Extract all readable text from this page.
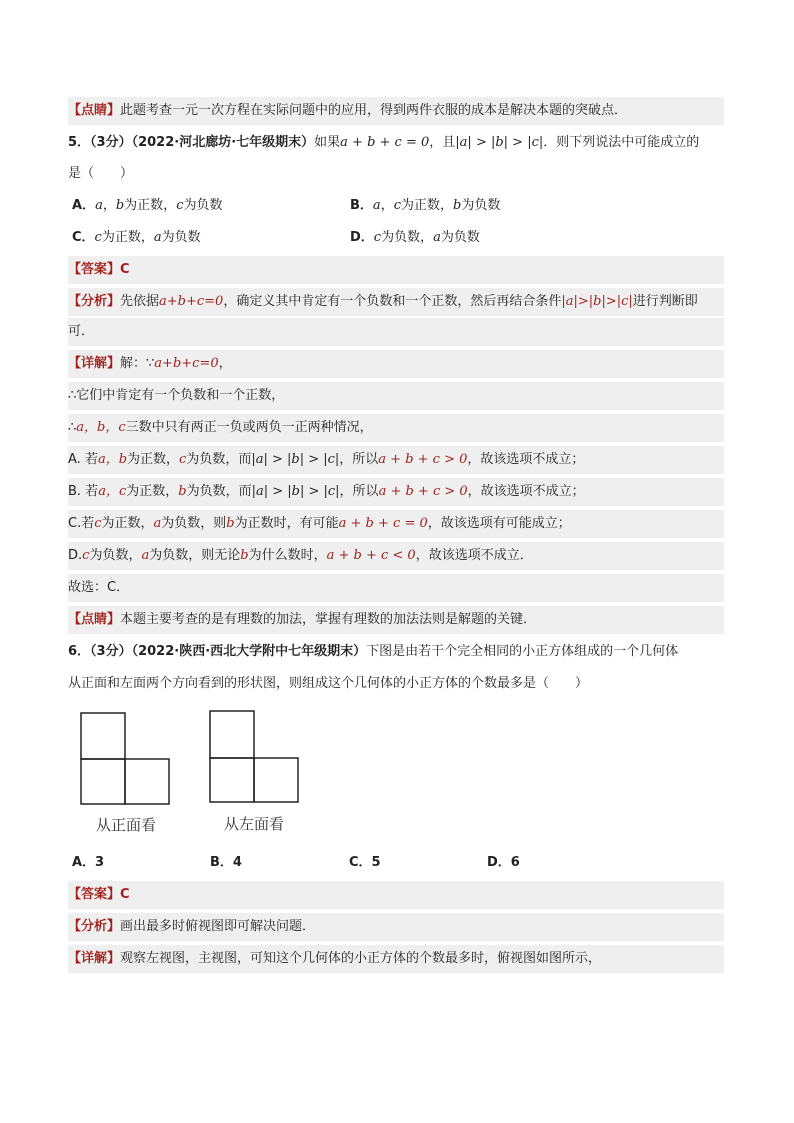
【点睛】此题考查一元一次方程在实际问题中的应用，得到两件衣服的成本是解决本题的突破点．
5．（3分）（2022·河北廊坊·七年级期末）如果a + b + c = 0，且|a| > |b| > |c|．则下列说法中可能成立的
是（　　）
A．a，b为正数，c为负数	B．a，c为正数，b为负数
C．c为正数，a为负数	D．c为负数，a为负数
【答案】C
【分析】先依据a+b+c=0，确定义其中肯定有一个负数和一个正数，然后再结合条件|a|>|b|>|c|进行判断即
可．
【详解】解：∵a+b+c=0，
∴它们中肯定有一个负数和一个正数，
∴a，b，c三数中只有两正一负或两负一正两种情况，
A. 若a，b为正数，c为负数，而|a| > |b| > |c|，所以a + b + c > 0，故该选项不成立；
B. 若a，c为正数，b为负数，而|a| > |b| > |c|，所以a + b + c > 0，故该选项不成立；
C.若c为正数，a为负数，则b为正数时，有可能a + b + c = 0，故该选项有可能成立；
D.c为负数，a为负数，则无论b为什么数时，a + b + c < 0，故该选项不成立．
故选：C．
【点睛】本题主要考查的是有理数的加法，掌握有理数的加法法则是解题的关键．
6．（3分）（2022·陕西·西北大学附中七年级期末）下图是由若干个完全相同的小正方体组成的一个几何体
从正面和左面两个方向看到的形状图，则组成这个几何体的小正方体的个数最多是（　　）
从正面看	从左面看
A．3	B．4	C．5	D．6
【答案】C
【分析】画出最多时俯视图即可解决问题．
【详解】观察左视图，主视图，可知这个几何体的小正方体的个数最多时，俯视图如图所示，
